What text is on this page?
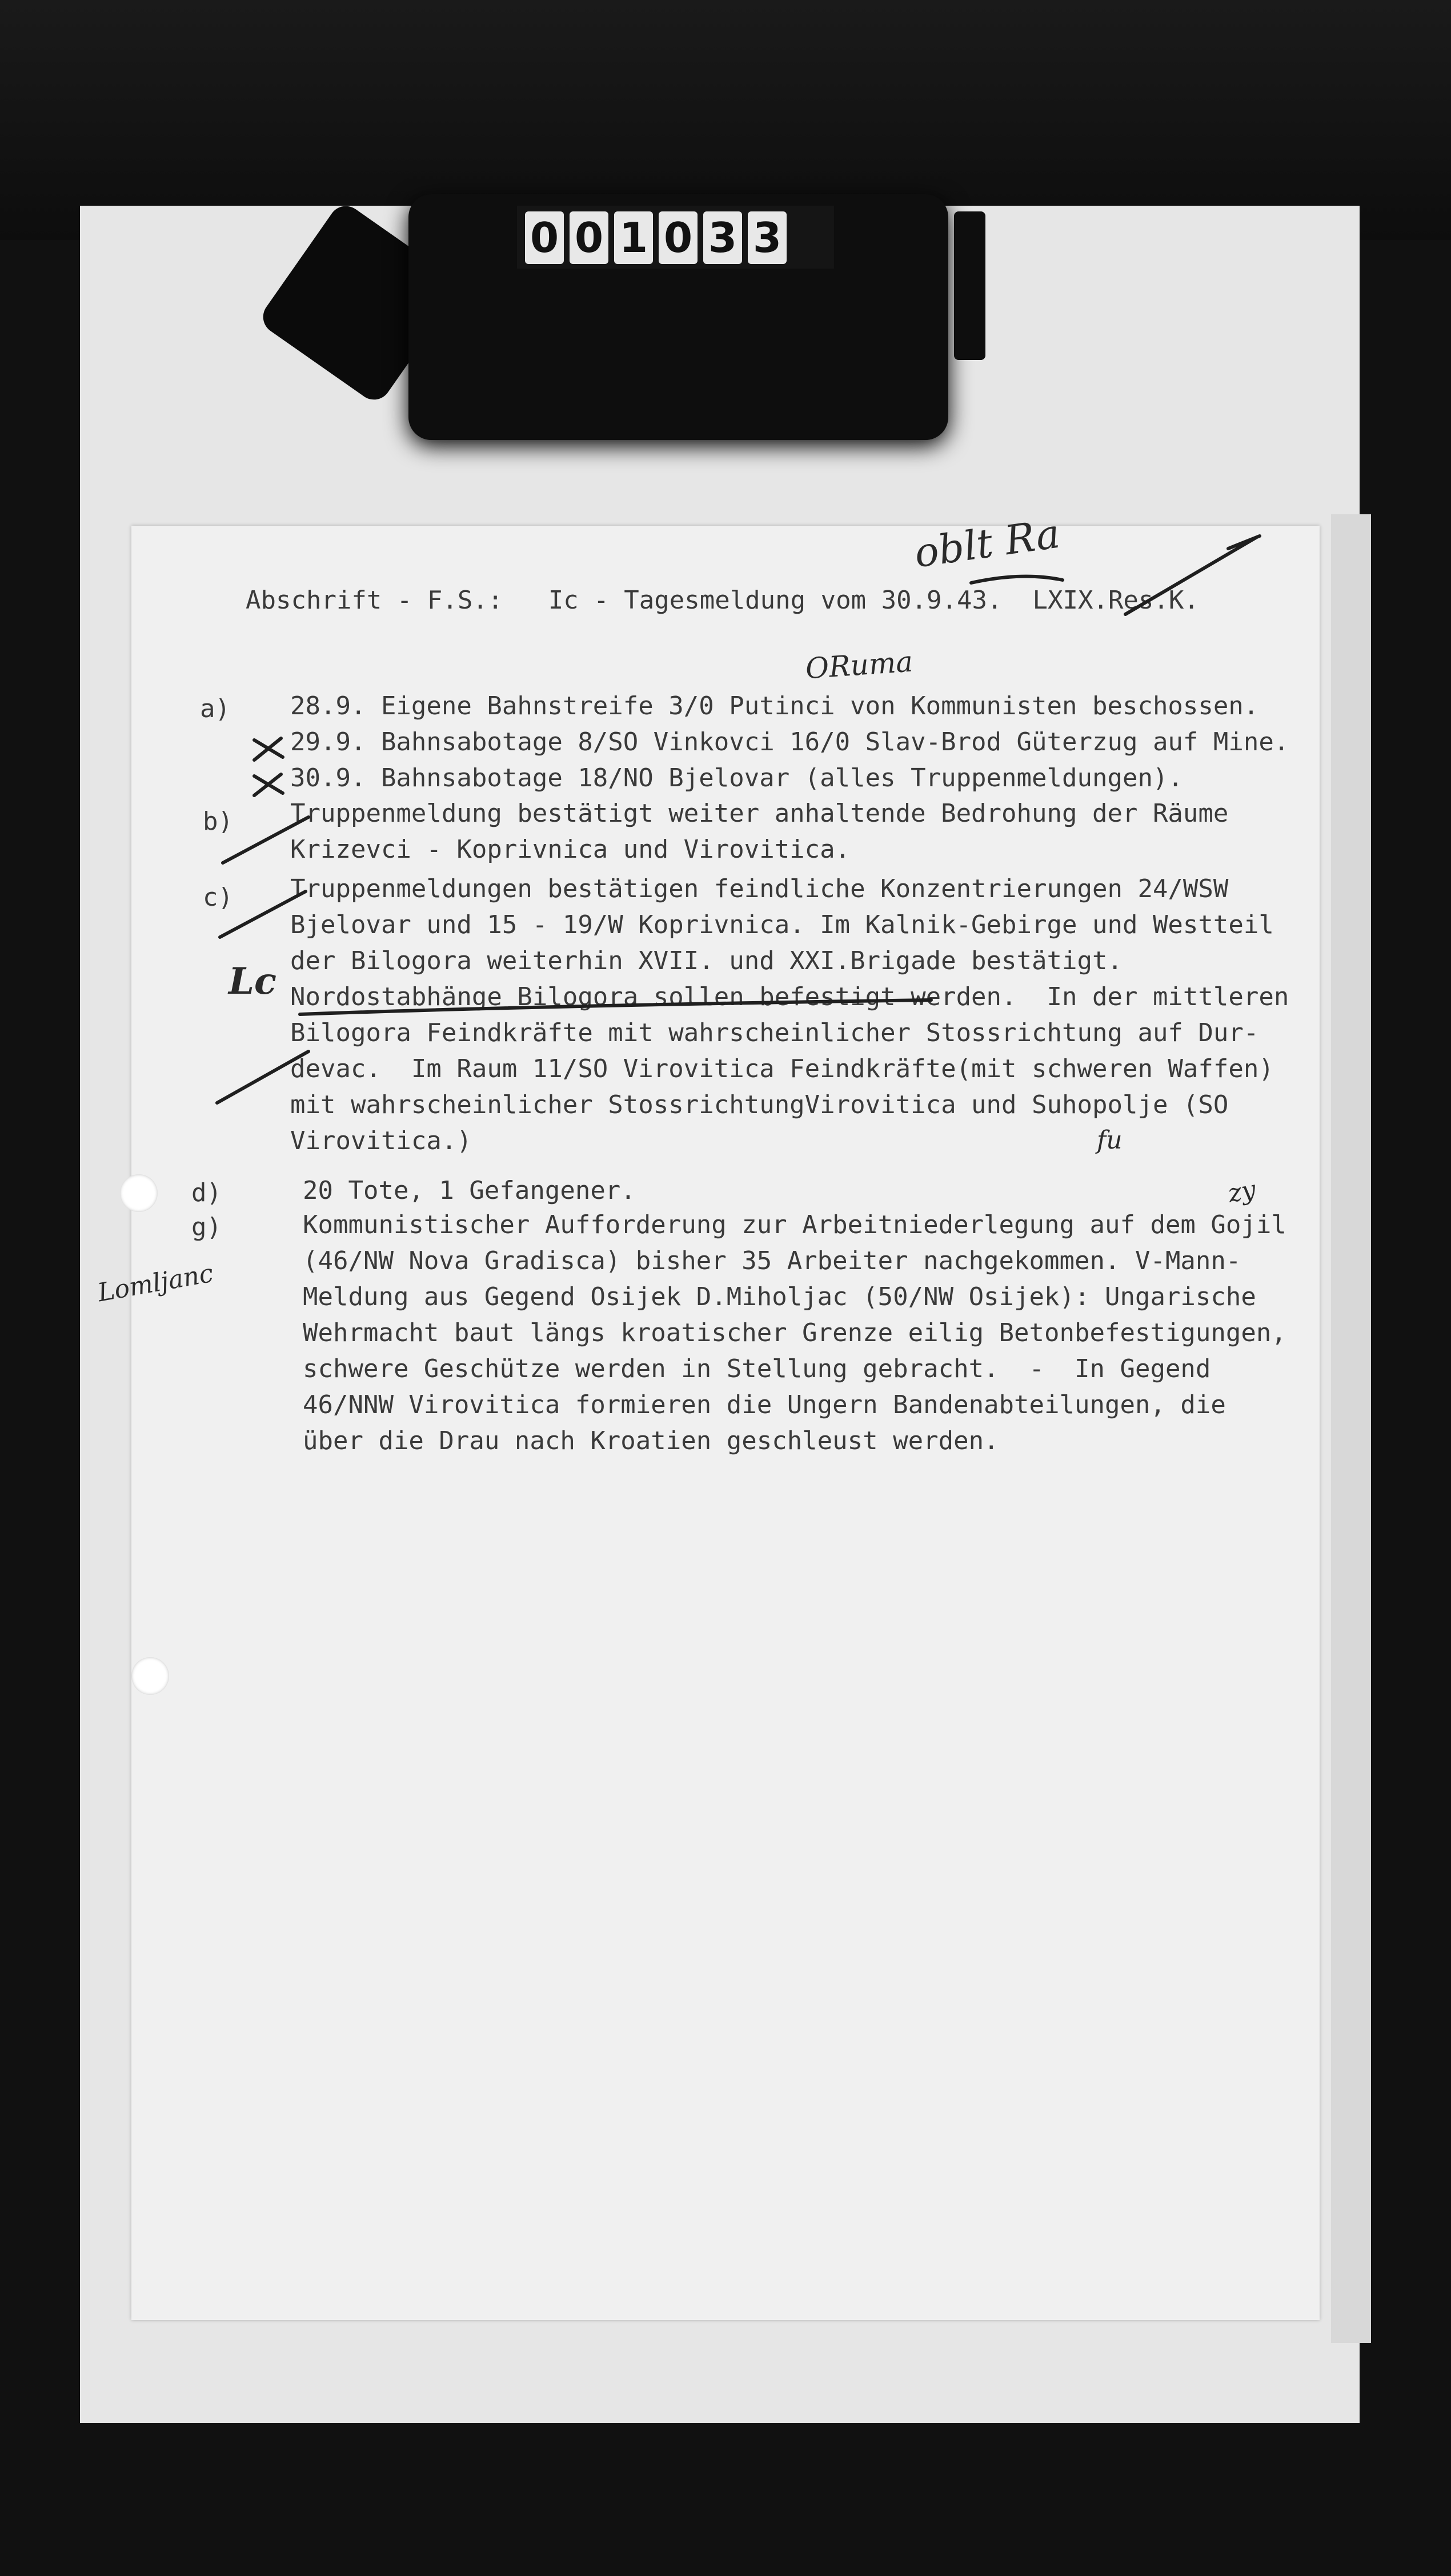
0 0 1 0 3 3
Abschrift - F.S.:   Ic - Tagesmeldung vom 30.9.43.  LXIX.Res.K.
a) 28.9. Eigene Bahnstreife 3/0 Putinci von Kommunisten beschossen.
29.9. Bahnsabotage 8/SO Vinkovci 16/0 Slav-Brod Güterzug auf Mine.
30.9. Bahnsabotage 18/NO Bjelovar (alles Truppenmeldungen).
b) Truppenmeldung bestätigt weiter anhaltende Bedrohung der Räume
Krizevci - Koprivnica und Virovitica.
c) Truppenmeldungen bestätigen feindliche Konzentrierungen 24/WSW
Bjelovar und 15 - 19/W Koprivnica. Im Kalnik-Gebirge und Westteil
der Bilogora weiterhin XVII. und XXI.Brigade bestätigt.
Nordostabhänge Bilogora sollen befestigt werden.  In der mittleren
Bilogora Feindkräfte mit wahrscheinlicher Stossrichtung auf Dur-
devac.  Im Raum 11/SO Virovitica Feindkräfte(mit schweren Waffen)
mit wahrscheinlicher StossrichtungVirovitica und Suhopolje (SO
Virovitica.)
d)	20 Tote, 1 Gefangener.
g)	Kommunistischer Aufforderung zur Arbeitniederlegung auf dem Gojil
(46/NW Nova Gradisca) bisher 35 Arbeiter nachgekommen. V-Mann-
Meldung aus Gegend Osijek D.Miholjac (50/NW Osijek): Ungarische
Wehrmacht baut längs kroatischer Grenze eilig Betonbefestigungen,
schwere Geschütze werden in Stellung gebracht.  -  In Gegend
46/NNW Virovitica formieren die Ungern Bandenabteilungen, die
über die Drau nach Kroatien geschleust werden.
oblt Ra
ORuma
Lc
Lomljanc
fu
zy
